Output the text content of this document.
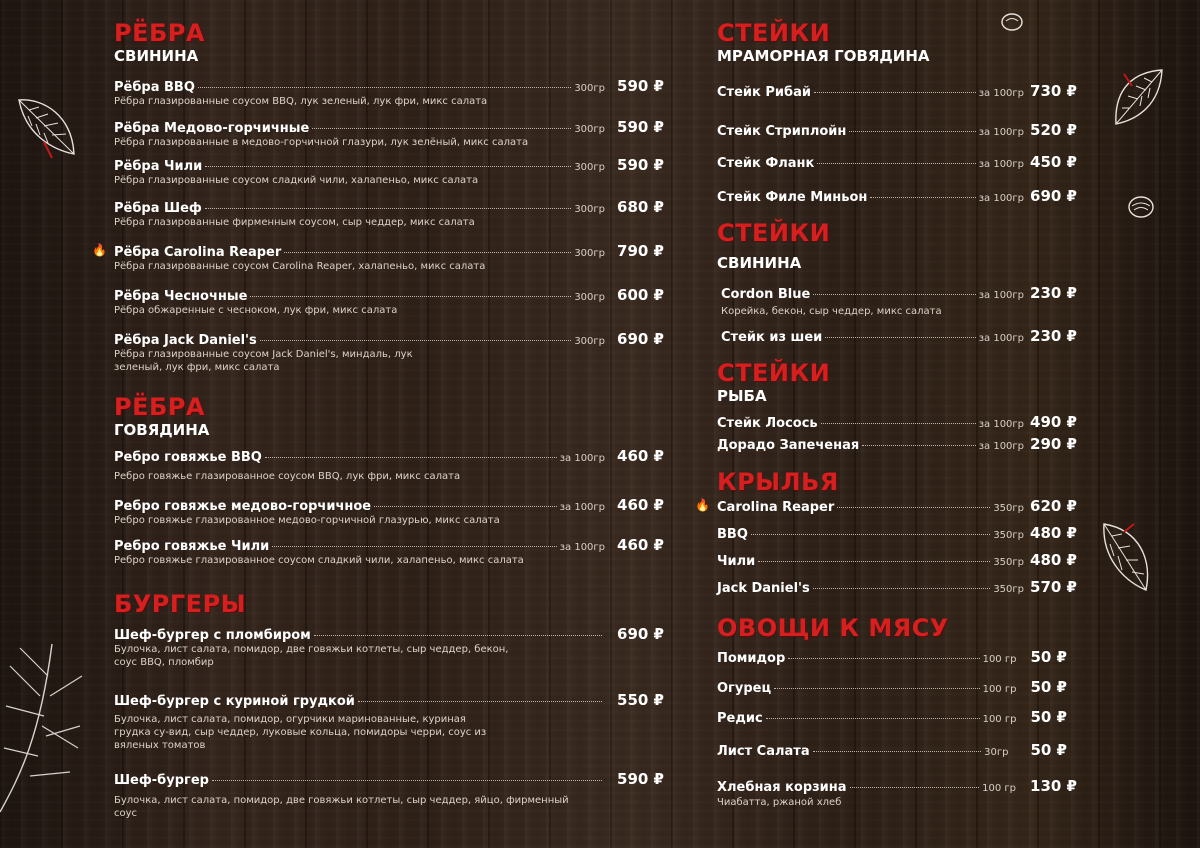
РЁБРА
СВИНИНА
Рёбра BBQ	300гр 590 ₽
Рёбра глазированные соусом BBQ, лук зеленый, лук фри, микс салата
Рёбра Медово-горчичные	300гр 590 ₽
Рёбра глазированные в медово-горчичной глазури, лук зелёный, микс салата
Рёбра Чили	300гр 590 ₽
Рёбра глазированные соусом сладкий чили, халапеньо, микс салата
Рёбра Шеф	300гр 680 ₽
Рёбра глазированные фирменным соусом, сыр чеддер, микс салата
🔥 Рёбра Carolina Reaper	300гр 790 ₽
Рёбра глазированные соусом Carolina Reaper, халапеньо, микс салата
Рёбра Чесночные	300гр 600 ₽
Рёбра обжаренные с чесноком, лук фри, микс салата
Рёбра Jack Daniel's	300гр 690 ₽
Рёбра глазированные соусом Jack Daniel's, миндаль, лук зеленый, лук фри, микс салата
РЁБРА
ГОВЯДИНА
Ребро говяжье BBQ	за 100гр 460 ₽
Ребро говяжье глазированное соусом BBQ, лук фри, микс салата
Ребро говяжье медово-горчичное	за 100гр 460 ₽
Ребро говяжье глазированное медово-горчичной глазурью, микс салата
Ребро говяжье Чили	за 100гр 460 ₽
Ребро говяжье глазированное соусом сладкий чили, халапеньо, микс салата
БУРГЕРЫ
Шеф-бургер с пломбиром	690 ₽
Булочка, лист салата, помидор, две говяжьи котлеты, сыр чеддер, бекон, соус BBQ, пломбир
Шеф-бургер с куриной грудкой	550 ₽
Булочка, лист салата, помидор, огурчики маринованные, куриная грудка су-вид, сыр чеддер, луковые кольца, помидоры черри, соус из вяленых томатов
Шеф-бургер	590 ₽
Булочка, лист салата, помидор, две говяжьи котлеты, сыр чеддер, яйцо, фирменный соус
СТЕЙКИ
МРАМОРНАЯ ГОВЯДИНА
Стейк Рибай	за 100гр 730 ₽
Стейк Стриплойн	за 100гр 520 ₽
Стейк Фланк	за 100гр 450 ₽
Стейк Филе Миньон	за 100гр 690 ₽
СТЕЙКИ
СВИНИНА
Cordon Blue	за 100гр 230 ₽
Корейка, бекон, сыр чеддер, микс салата
Стейк из шеи	за 100гр 230 ₽
СТЕЙКИ
РЫБА
Стейк Лосось	за 100гр 490 ₽
Дорадо Запеченая	за 100гр 290 ₽
КРЫЛЬЯ
🔥 Carolina Reaper	350гр 620 ₽
BBQ	350гр 480 ₽
Чили	350гр 480 ₽
Jack Daniel's	350гр 570 ₽
ОВОЩИ К МЯСУ
Помидор	100 гр 50 ₽
Огурец	100 гр 50 ₽
Редис	100 гр 50 ₽
Лист Салата	30гр 50 ₽
Хлебная корзина	100 гр 130 ₽
Чиабатта, ржаной хлеб
